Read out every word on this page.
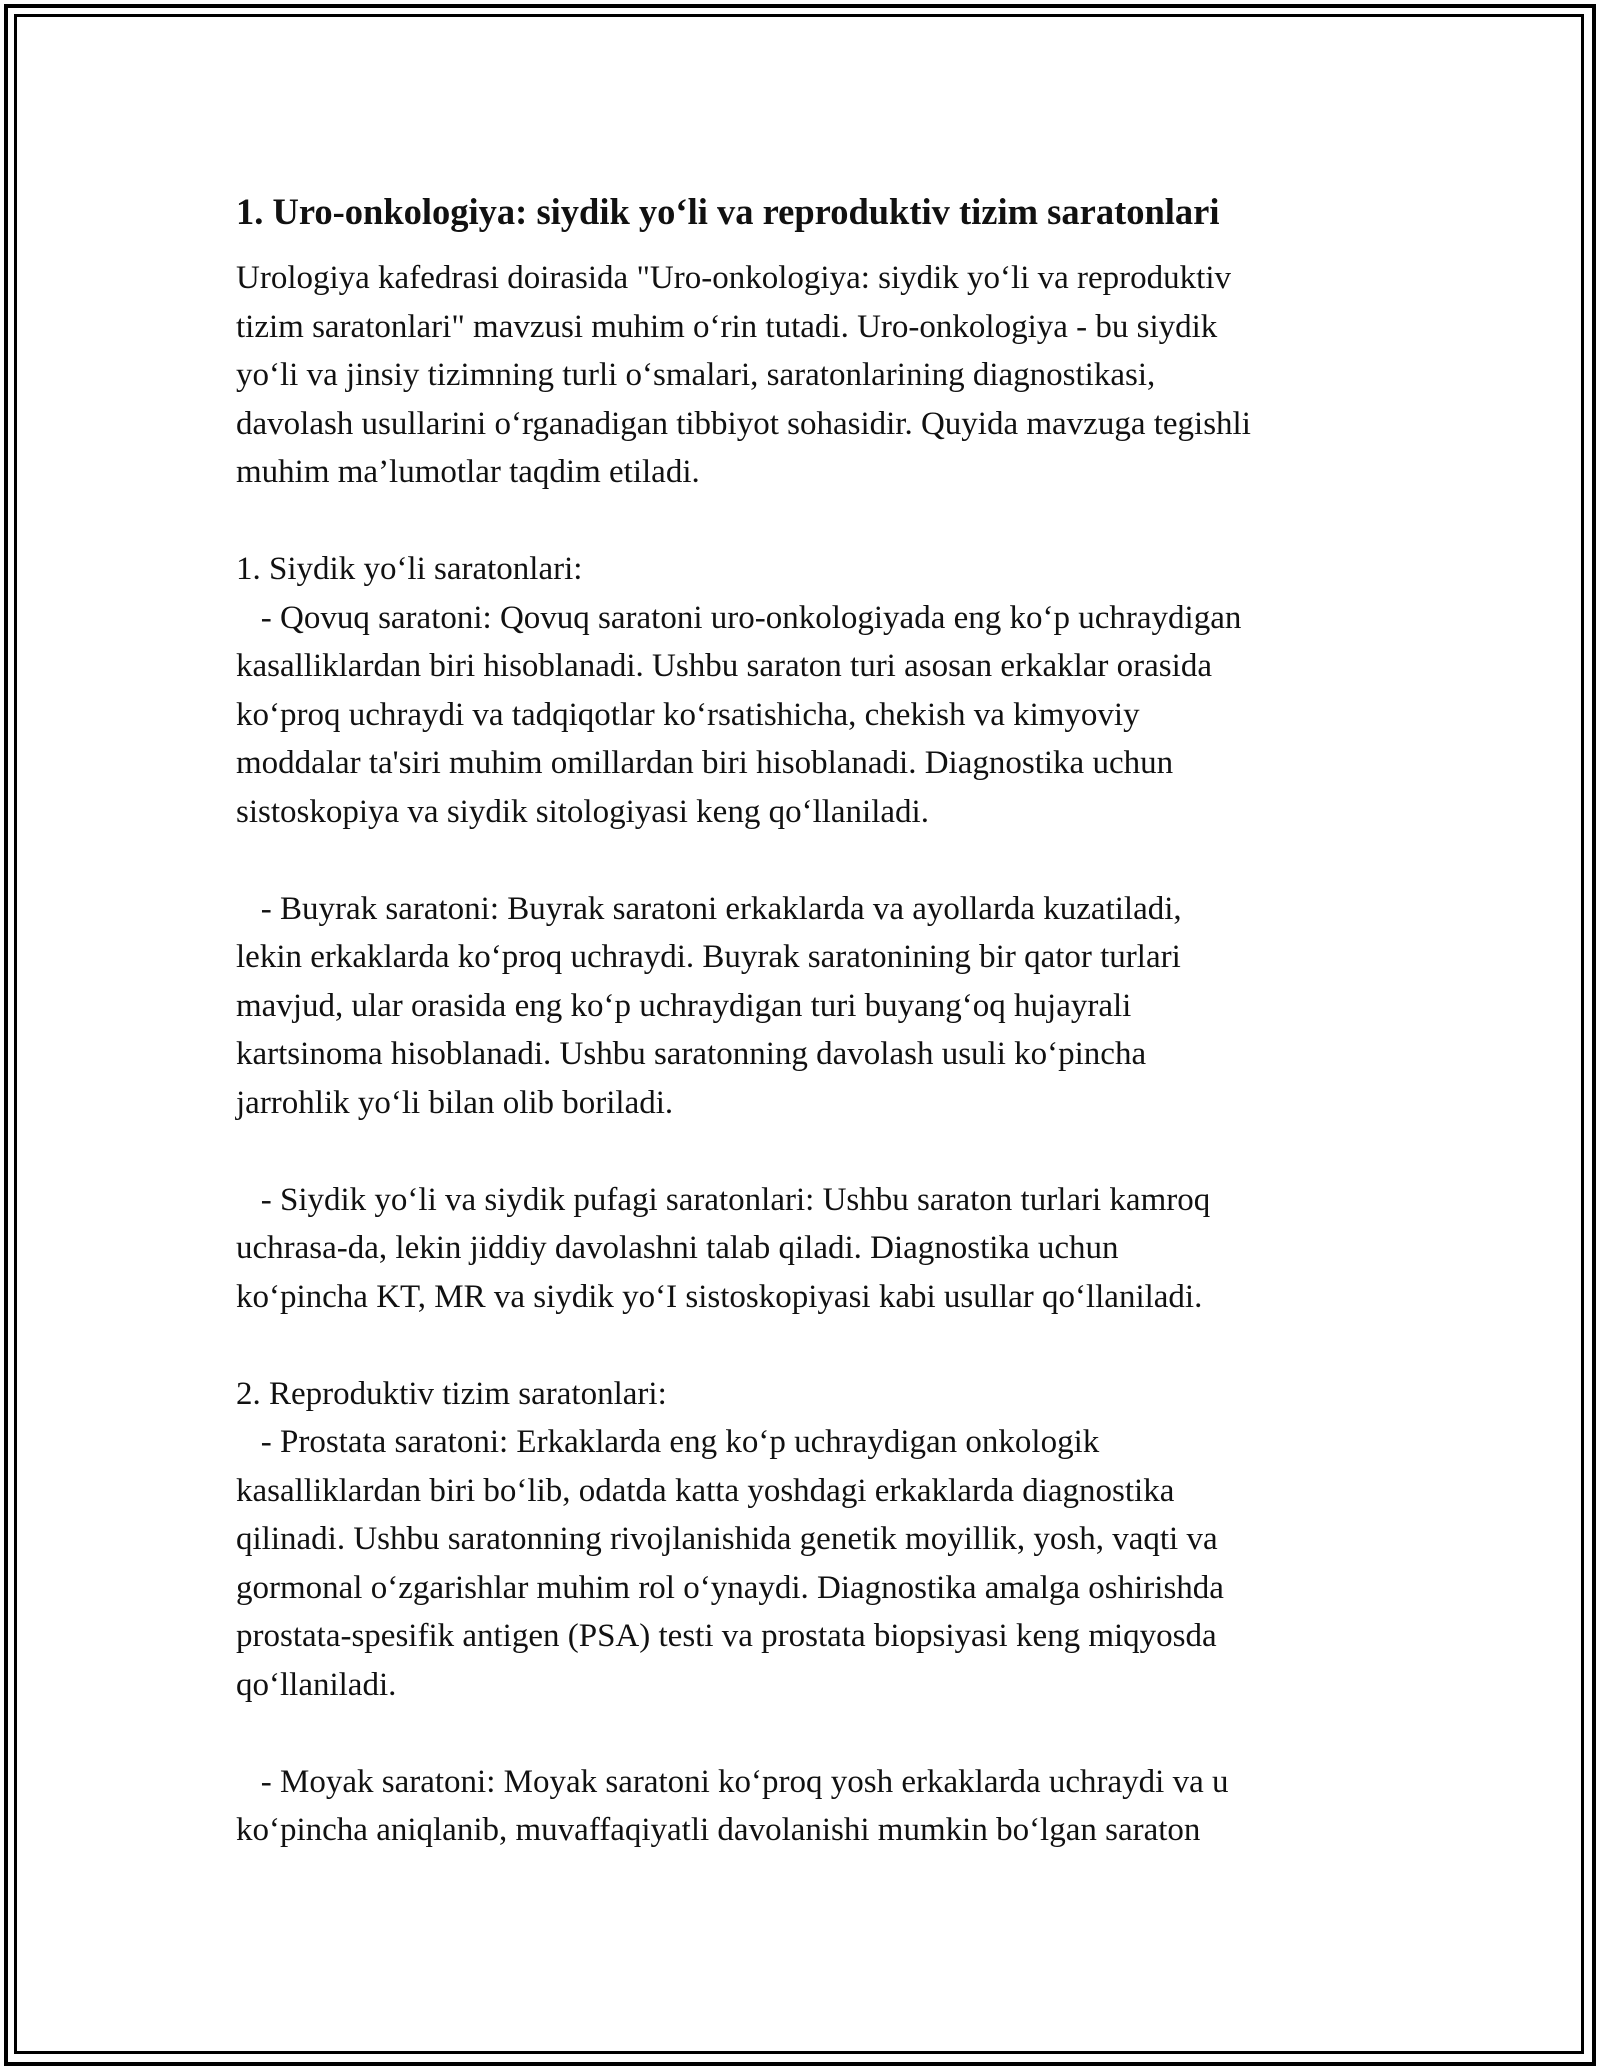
1. Uro-onkologiya: siydik yo‘li va reproduktiv tizim saratonlari
Urologiya kafedrasi doirasida "Uro-onkologiya: siydik yo‘li va reproduktiv
tizim saratonlari" mavzusi muhim o‘rin tutadi. Uro-onkologiya - bu siydik
yo‘li va jinsiy tizimning turli o‘smalari, saratonlarining diagnostikasi,
davolash usullarini o‘rganadigan tibbiyot sohasidir. Quyida mavzuga tegishli
muhim ma’lumotlar taqdim etiladi.
1. Siydik yo‘li saratonlari:
- Qovuq saratoni: Qovuq saratoni uro-onkologiyada eng ko‘p uchraydigan
kasalliklardan biri hisoblanadi. Ushbu saraton turi asosan erkaklar orasida
ko‘proq uchraydi va tadqiqotlar ko‘rsatishicha, chekish va kimyoviy
moddalar ta'siri muhim omillardan biri hisoblanadi. Diagnostika uchun
sistoskopiya va siydik sitologiyasi keng qo‘llaniladi.
- Buyrak saratoni: Buyrak saratoni erkaklarda va ayollarda kuzatiladi,
lekin erkaklarda ko‘proq uchraydi. Buyrak saratonining bir qator turlari
mavjud, ular orasida eng ko‘p uchraydigan turi buyang‘oq hujayrali
kartsinoma hisoblanadi. Ushbu saratonning davolash usuli ko‘pincha
jarrohlik yo‘li bilan olib boriladi.
- Siydik yo‘li va siydik pufagi saratonlari: Ushbu saraton turlari kamroq
uchrasa-da, lekin jiddiy davolashni talab qiladi. Diagnostika uchun
ko‘pincha KT, MR va siydik yo‘I sistoskopiyasi kabi usullar qo‘llaniladi.
2. Reproduktiv tizim saratonlari:
- Prostata saratoni: Erkaklarda eng ko‘p uchraydigan onkologik
kasalliklardan biri bo‘lib, odatda katta yoshdagi erkaklarda diagnostika
qilinadi. Ushbu saratonning rivojlanishida genetik moyillik, yosh, vaqti va
gormonal o‘zgarishlar muhim rol o‘ynaydi. Diagnostika amalga oshirishda
prostata-spesifik antigen (PSA) testi va prostata biopsiyasi keng miqyosda
qo‘llaniladi.
- Moyak saratoni: Moyak saratoni ko‘proq yosh erkaklarda uchraydi va u
ko‘pincha aniqlanib, muvaffaqiyatli davolanishi mumkin bo‘lgan saraton
